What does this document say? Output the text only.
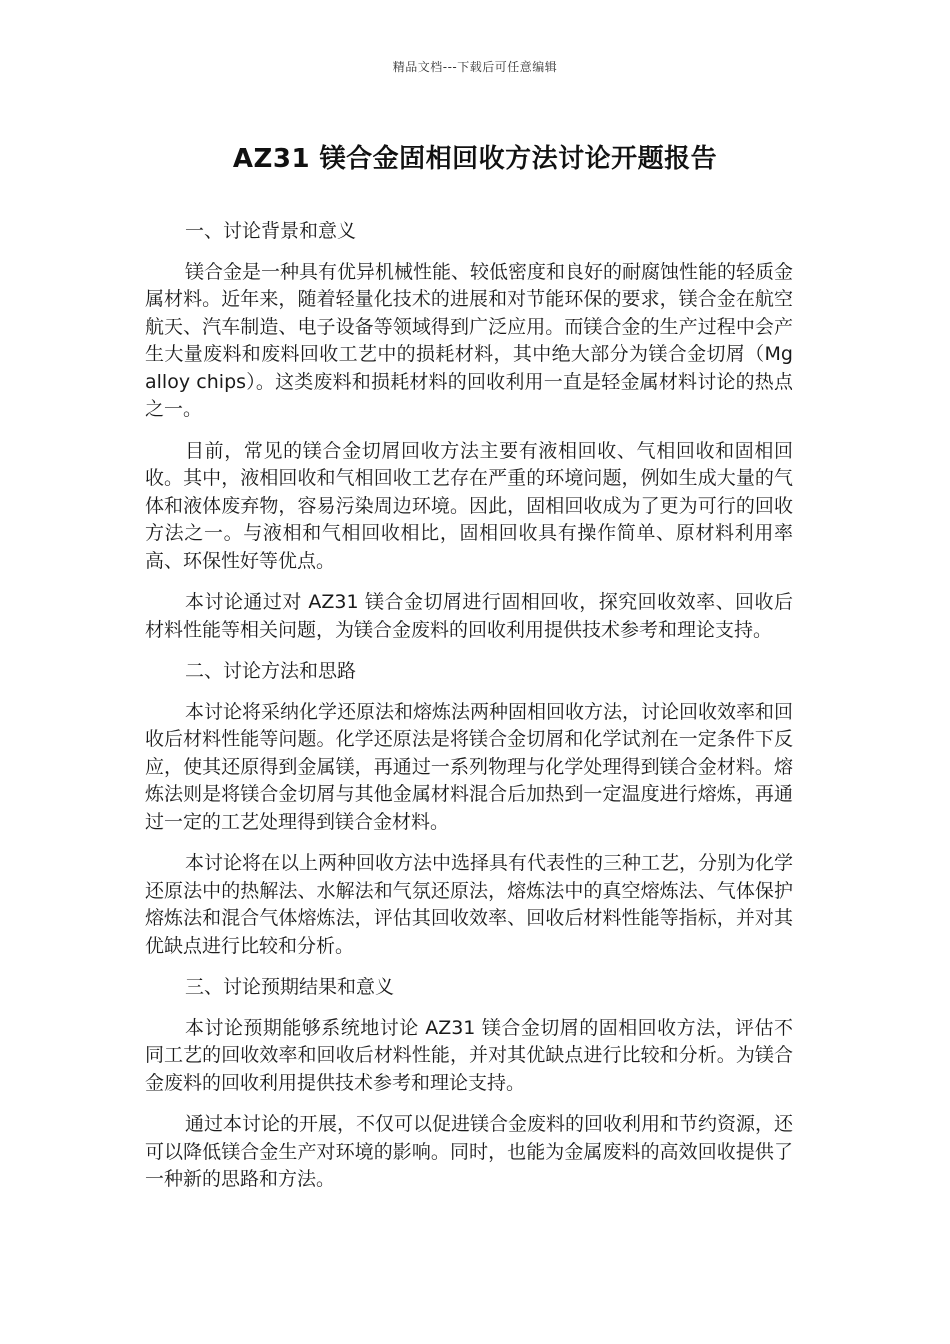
精品文档---下载后可任意编辑
AZ31 镁合金固相回收方法讨论开题报告

一、讨论背景和意义

镁合金是一种具有优异机械性能、较低密度和良好的耐腐蚀性能的轻质金属材料。近年来，随着轻量化技术的进展和对节能环保的要求，镁合金在航空航天、汽车制造、电子设备等领域得到广泛应用。而镁合金的生产过程中会产生大量废料和废料回收工艺中的损耗材料，其中绝大部分为镁合金切屑（Mg alloy chips）。这类废料和损耗材料的回收利用一直是轻金属材料讨论的热点之一。

目前，常见的镁合金切屑回收方法主要有液相回收、气相回收和固相回收。其中，液相回收和气相回收工艺存在严重的环境问题，例如生成大量的气体和液体废弃物，容易污染周边环境。因此，固相回收成为了更为可行的回收方法之一。与液相和气相回收相比，固相回收具有操作简单、原材料利用率高、环保性好等优点。

本讨论通过对 AZ31 镁合金切屑进行固相回收，探究回收效率、回收后材料性能等相关问题，为镁合金废料的回收利用提供技术参考和理论支持。

二、讨论方法和思路

本讨论将采纳化学还原法和熔炼法两种固相回收方法，讨论回收效率和回收后材料性能等问题。化学还原法是将镁合金切屑和化学试剂在一定条件下反应，使其还原得到金属镁，再通过一系列物理与化学处理得到镁合金材料。熔炼法则是将镁合金切屑与其他金属材料混合后加热到一定温度进行熔炼，再通过一定的工艺处理得到镁合金材料。

本讨论将在以上两种回收方法中选择具有代表性的三种工艺，分别为化学还原法中的热解法、水解法和气氛还原法，熔炼法中的真空熔炼法、气体保护熔炼法和混合气体熔炼法，评估其回收效率、回收后材料性能等指标，并对其优缺点进行比较和分析。

三、讨论预期结果和意义

本讨论预期能够系统地讨论 AZ31 镁合金切屑的固相回收方法，评估不同工艺的回收效率和回收后材料性能，并对其优缺点进行比较和分析。为镁合金废料的回收利用提供技术参考和理论支持。

通过本讨论的开展，不仅可以促进镁合金废料的回收利用和节约资源，还可以降低镁合金生产对环境的影响。同时，也能为金属废料的高效回收提供了一种新的思路和方法。
